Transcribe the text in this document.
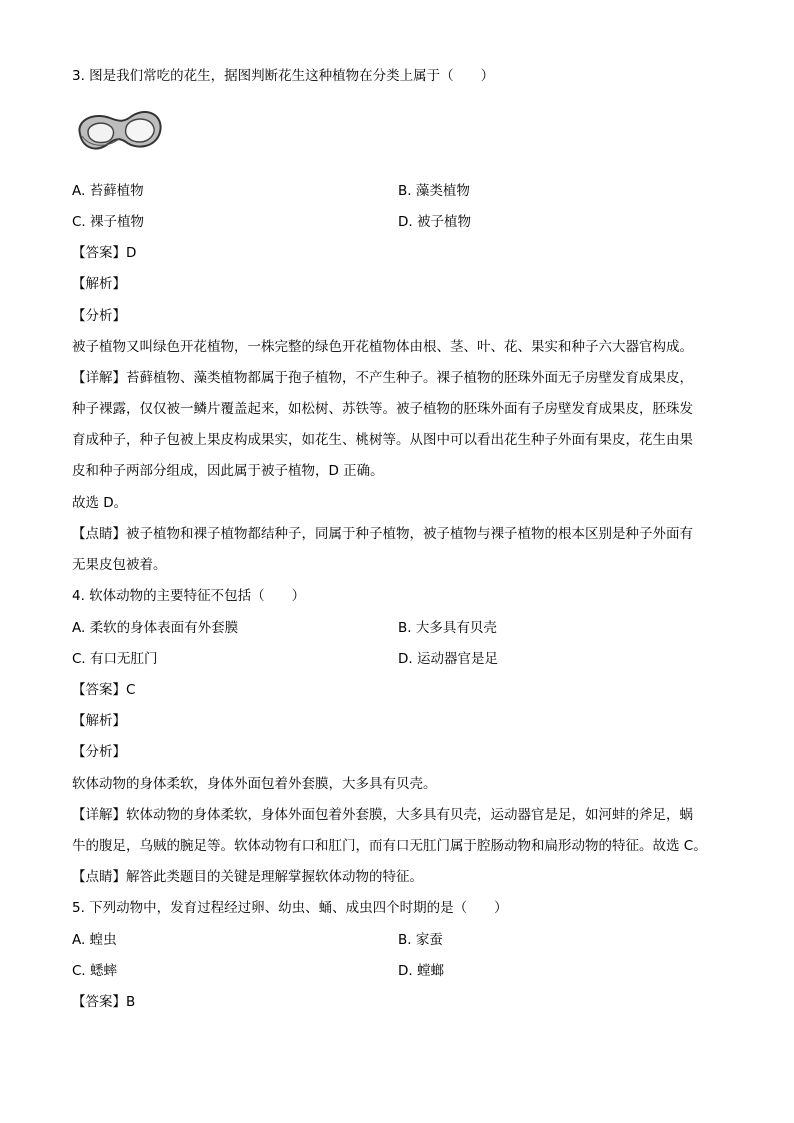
3. 图是我们常吃的花生，据图判断花生这种植物在分类上属于（　　）
A. 苔藓植物	B. 藻类植物
C. 裸子植物	D. 被子植物
【答案】D
【解析】
【分析】
被子植物又叫绿色开花植物，一株完整的绿色开花植物体由根、茎、叶、花、果实和种子六大器官构成。
【详解】苔藓植物、藻类植物都属于孢子植物，不产生种子。裸子植物的胚珠外面无子房壁发育成果皮，
种子裸露，仅仅被一鳞片覆盖起来，如松树、苏铁等。被子植物的胚珠外面有子房壁发育成果皮，胚珠发
育成种子，种子包被上果皮构成果实，如花生、桃树等。从图中可以看出花生种子外面有果皮，花生由果
皮和种子两部分组成，因此属于被子植物，D 正确。
故选 D。
【点睛】被子植物和裸子植物都结种子，同属于种子植物，被子植物与裸子植物的根本区别是种子外面有
无果皮包被着。
4. 软体动物的主要特征不包括（　　）
A. 柔软的身体表面有外套膜	B. 大多具有贝壳
C. 有口无肛门	D. 运动器官是足
【答案】C
【解析】
【分析】
软体动物的身体柔软，身体外面包着外套膜，大多具有贝壳。
【详解】软体动物的身体柔软，身体外面包着外套膜，大多具有贝壳，运动器官是足，如河蚌的斧足，蜗
牛的腹足，乌贼的腕足等。软体动物有口和肛门，而有口无肛门属于腔肠动物和扁形动物的特征。故选 C。
【点睛】解答此类题目的关键是理解掌握软体动物的特征。
5. 下列动物中，发育过程经过卵、幼虫、蛹、成虫四个时期的是（　　）
A. 蝗虫	B. 家蚕
C. 蟋蟀	D. 螳螂
【答案】B
